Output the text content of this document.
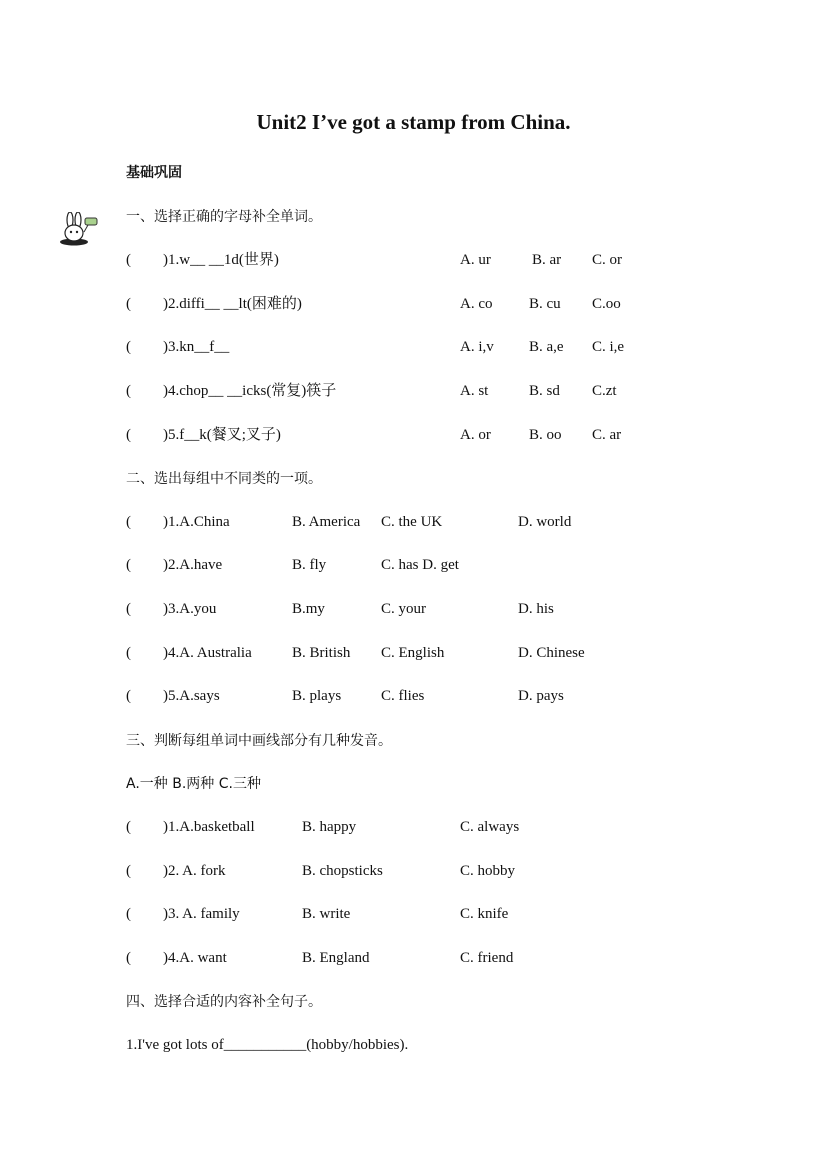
Unit2 I’ve got a stamp from China.
基础巩固
一、选择正确的字母补全单词。
( )1.w__ __1d(世界)	A. ur	B. ar C. or
( )2.diffi__ __lt(困难的)	A. co B. cu C.oo
( )3.kn__f__	A. i,v B. a,e C. i,e
( )4.chop__ __icks(常复)筷子	A. st	B. sd C.zt
( )5.f__k(餐叉;叉子)	A. or	B. oo C. ar
二、选出每组中不同类的一项。
( )1.A.China	B. America C. the UK	D. world
( )2.A.have	B. fly	C. has D. get
( )3.A.you	B.my	C. your	D. his
( )4.A. Australia	B. British C. English	D. Chinese
( )5.A.says	B. plays	C. flies	D. pays
三、判断每组单词中画线部分有几种发音。
A.一种 B.两种 C.三种
( )1.A.basketball	B. happy	C. always
( )2. A. fork	B. chopsticks	C. hobby
( )3. A. family	B. write	C. knife
( )4.A. want	B. England	C. friend
四、选择合适的内容补全句子。
1.I've got lots of___________(hobby/hobbies).
